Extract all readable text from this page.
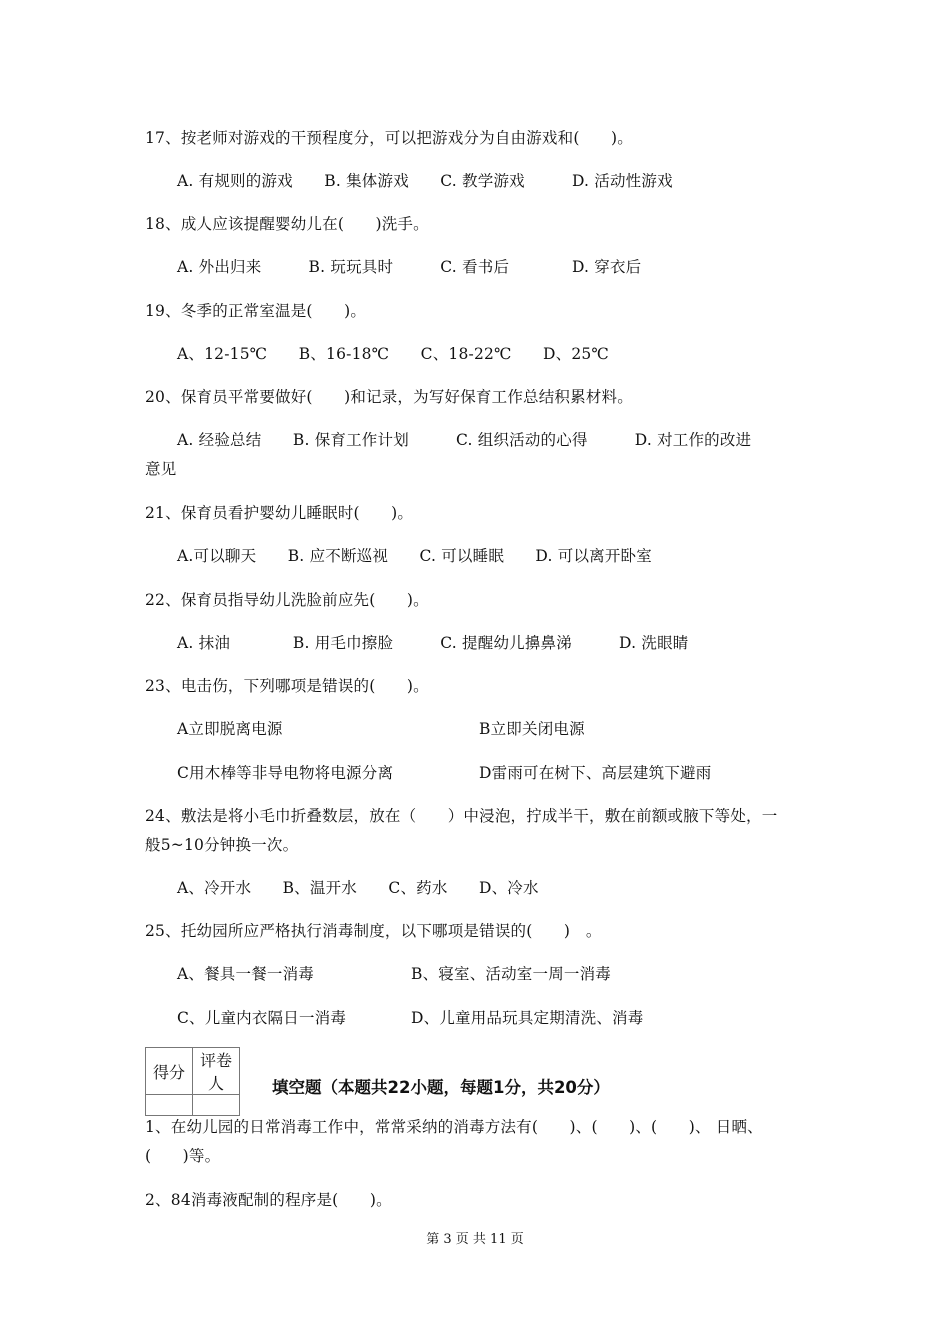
17、按老师对游戏的干预程度分，可以把游戏分为自由游戏和(　　)。
A. 有规则的游戏　　B. 集体游戏　　C. 教学游戏　　　D. 活动性游戏
18、成人应该提醒婴幼儿在(　　)洗手。
A. 外出归来　　　B. 玩玩具时　　　C. 看书后　　　　D. 穿衣后
19、冬季的正常室温是(　　)。
A、12-15℃　　B、16-18℃　　C、18-22℃　　D、25℃
20、保育员平常要做好(　　)和记录，为写好保育工作总结积累材料。
A. 经验总结　　B. 保育工作计划　　　C. 组织活动的心得　　　D. 对工作的改进
意见
21、保育员看护婴幼儿睡眠时(　　)。
A.可以聊天　　B. 应不断巡视　　C. 可以睡眠　　D. 可以离开卧室
22、保育员指导幼儿洗脸前应先(　　)。
A. 抹油　　　　B. 用毛巾擦脸　　　C. 提醒幼儿擤鼻涕　　　D. 洗眼睛
23、电击伤，下列哪项是错误的(　　)。
A立即脱离电源	B立即关闭电源
C用木棒等非导电物将电源分离	D雷雨可在树下、高层建筑下避雨
24、敷法是将小毛巾折叠数层，放在（　　）中浸泡，拧成半干，敷在前额或腋下等处，一
般5~10分钟换一次。
A、冷开水　　B、温开水　　C、药水　　D、冷水
25、托幼园所应严格执行消毒制度，以下哪项是错误的(　　)　。
A、餐具一餐一消毒	B、寝室、活动室一周一消毒
C、儿童内衣隔日一消毒	D、儿童用品玩具定期清洗、消毒
得分	评卷人
		填空题（本题共22小题，每题1分，共20分）
1、在幼儿园的日常消毒工作中，常常采纳的消毒方法有(　　)、(　　)、(　　)、 日晒、
(　　)等。
2、84消毒液配制的程序是(　　)。
第 3 页 共 11 页
